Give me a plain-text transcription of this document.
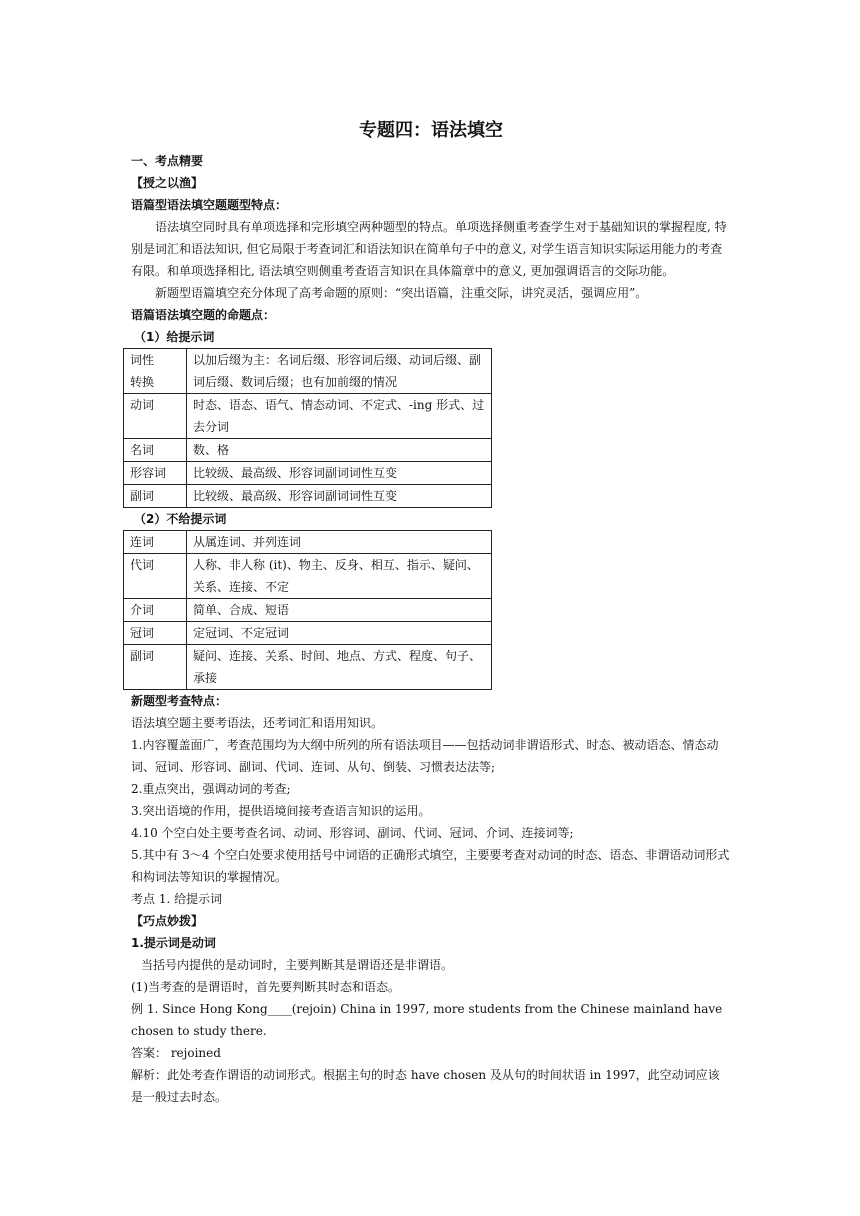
专题四：语法填空

一、考点精要

【授之以渔】

语篇型语法填空题题型特点：

语法填空同时具有单项选择和完形填空两种题型的特点。单项选择侧重考查学生对于基础知识的掌握程度, 特别是词汇和语法知识, 但它局限于考查词汇和语法知识在简单句子中的意义, 对学生语言知识实际运用能力的考查有限。和单项选择相比, 语法填空则侧重考查语言知识在具体篇章中的意义, 更加强调语言的交际功能。

新题型语篇填空充分体现了高考命题的原则：“突出语篇，注重交际，讲究灵活，强调应用”。

语篇语法填空题的命题点：

（1）给提示词

词性
转换	以加后缀为主：名词后缀、形容词后缀、动词后缀、副词后缀、数词后缀；也有加前缀的情况
动词	时态、语态、语气、情态动词、不定式、-ing 形式、过去分词
名词	数、格
形容词	比较级、最高级、形容词副词词性互变
副词	比较级、最高级、形容词副词词性互变

（2）不给提示词

连词	从属连词、并列连词
代词	人称、非人称 (it)、物主、反身、相互、指示、疑问、关系、连接、不定
介词	简单、合成、短语
冠词	定冠词、不定冠词
副词	疑问、连接、关系、时间、地点、方式、程度、句子、承接

新题型考查特点：

语法填空题主要考语法，还考词汇和语用知识。

1.内容覆盖面广，考查范围均为大纲中所列的所有语法项目——包括动词非谓语形式、时态、被动语态、情态动词、冠词、形容词、副词、代词、连词、从句、倒装、习惯表达法等;

2.重点突出，强调动词的考查;

3.突出语境的作用，提供语境间接考查语言知识的运用。

4.10 个空白处主要考查名词、动词、形容词、副词、代词、冠词、介词、连接词等;

5.其中有 3～4 个空白处要求使用括号中词语的正确形式填空，主要要考查对动词的时态、语态、非谓语动词形式和构词法等知识的掌握情况。

考点 1. 给提示词

【巧点妙拨】

1.提示词是动词

当括号内提供的是动词时，主要判断其是谓语还是非谓语。

(1)当考查的是谓语时，首先要判断其时态和语态。

例 1. Since Hong Kong____(rejoin) China in 1997, more students from the Chinese mainland have chosen to study there.

答案： rejoined

解析：此处考查作谓语的动词形式。根据主句的时态 have chosen 及从句的时间状语 in 1997，此空动词应该是一般过去时态。
